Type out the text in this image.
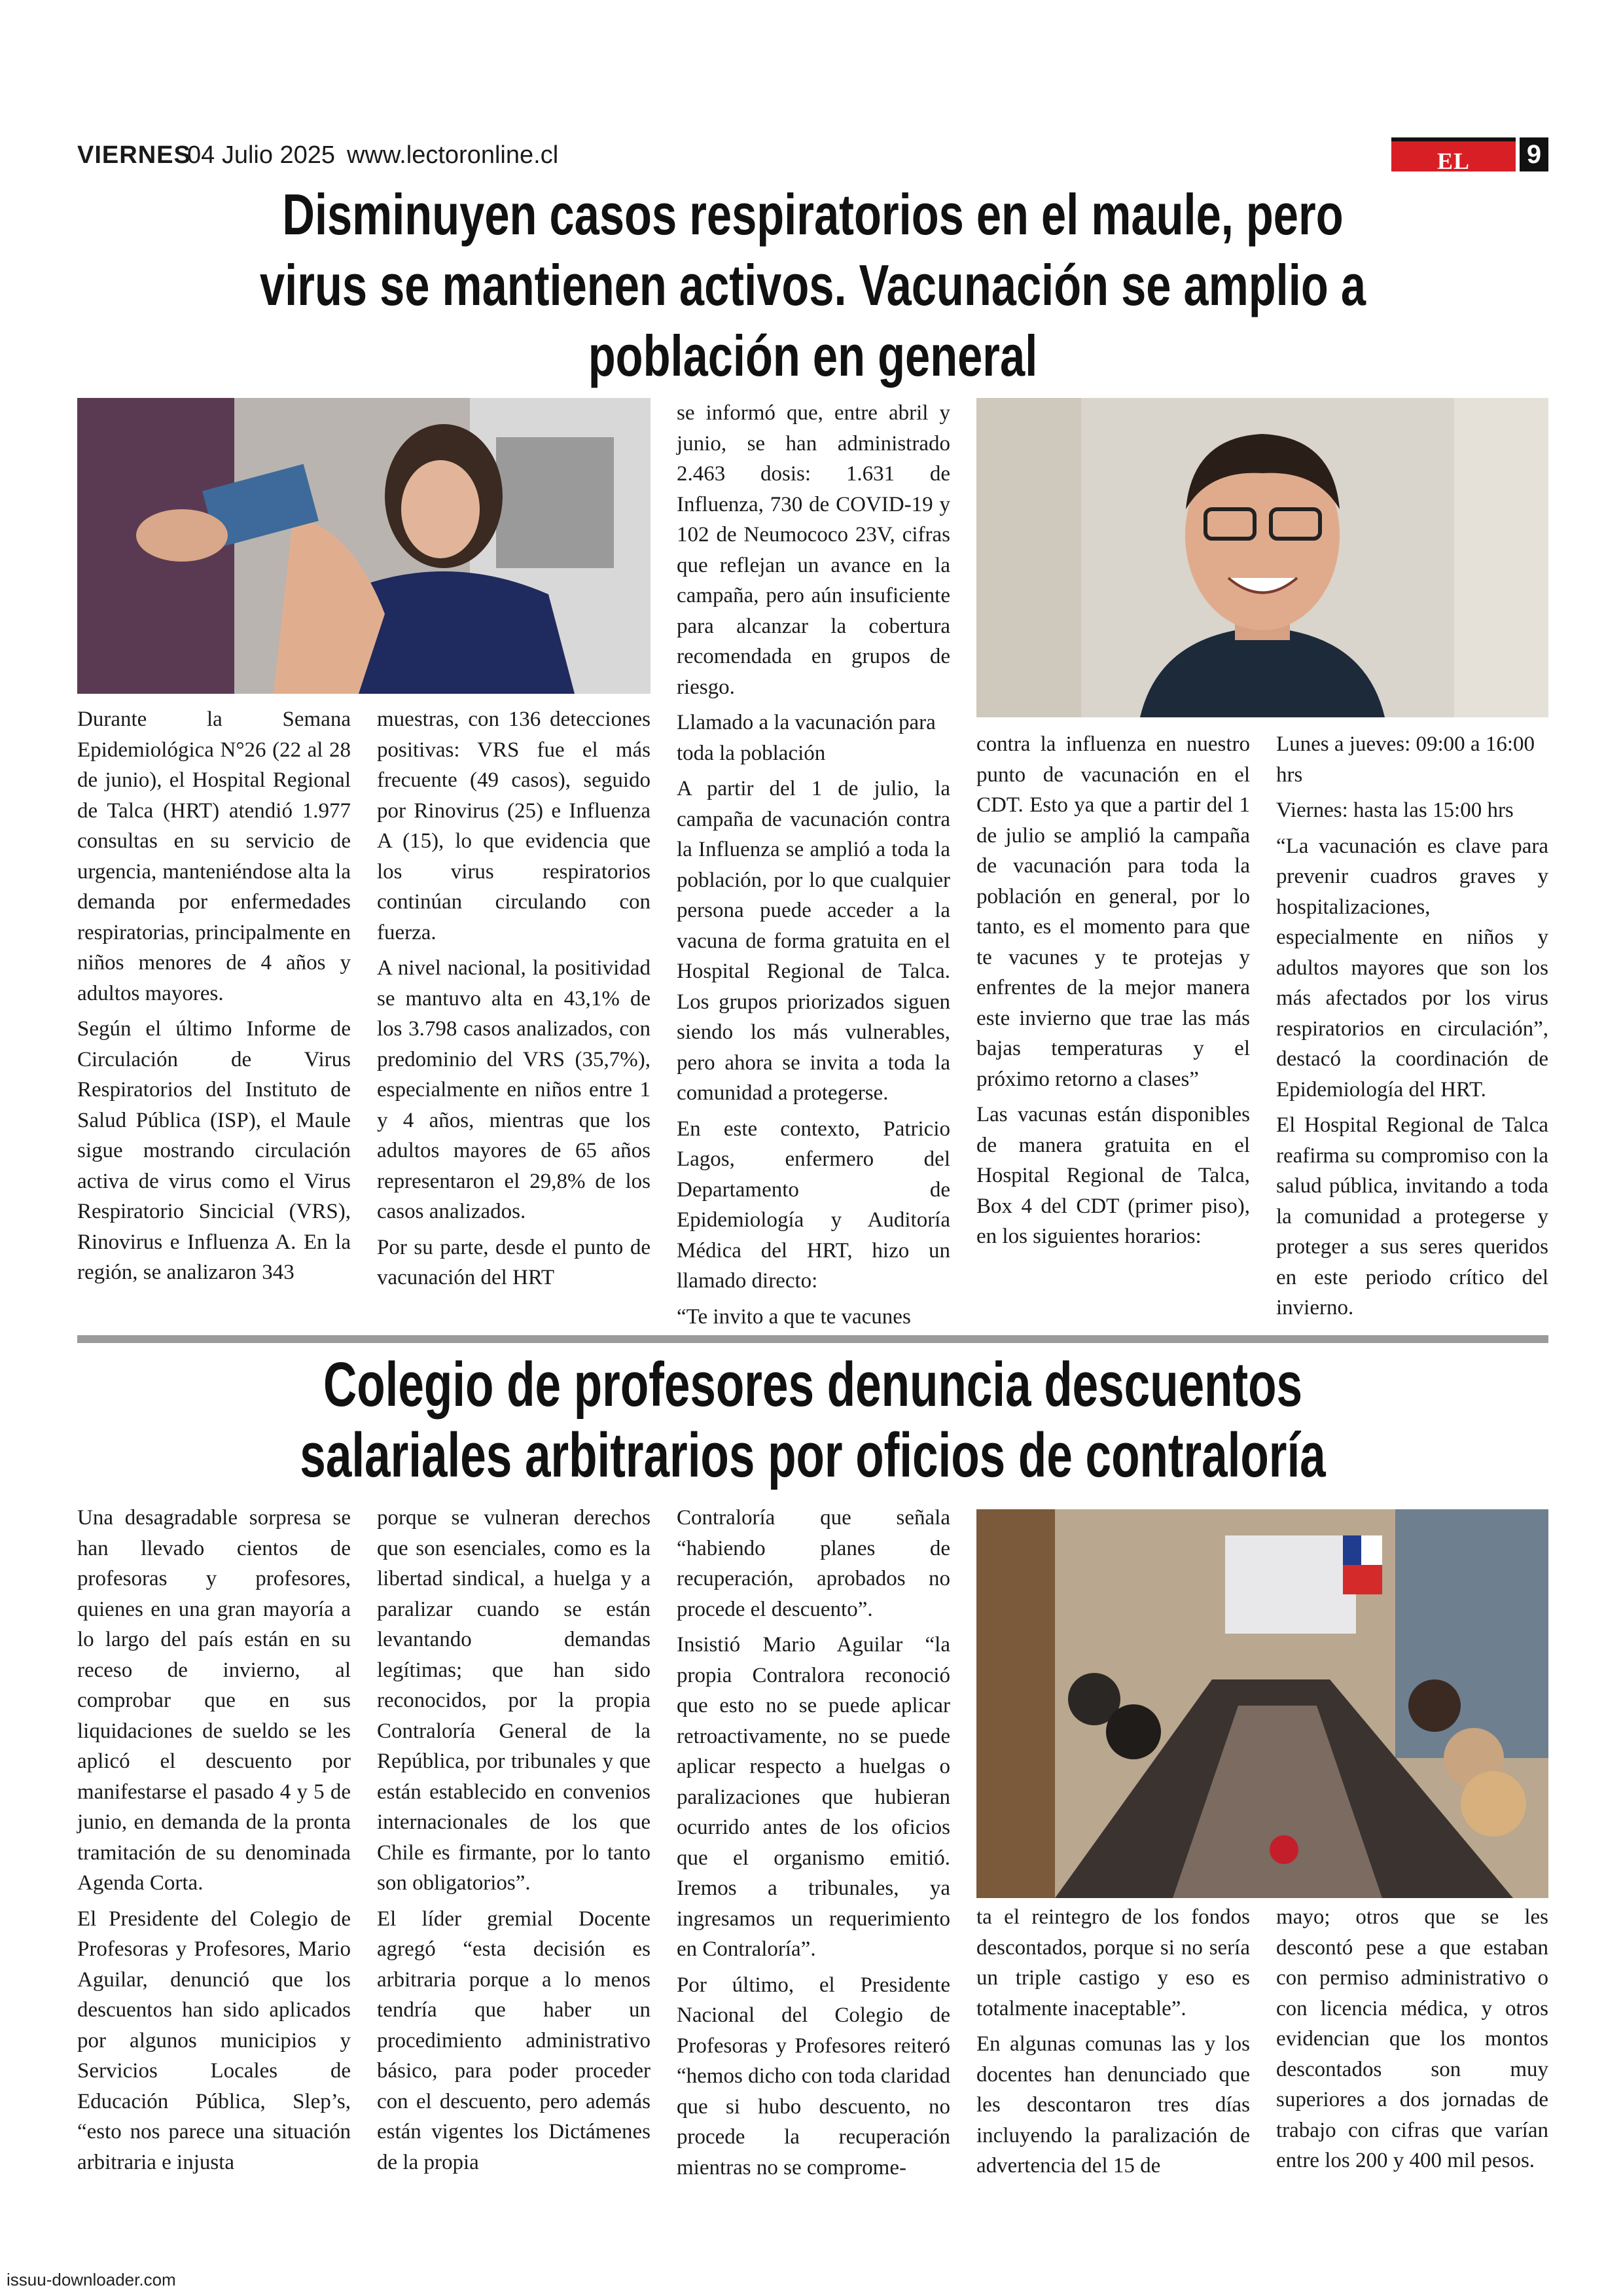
VIERNES
04 Julio 2025 www.lectoronline.cl	EL LECTOR
9
Disminuyen casos respiratorios en el maule, pero virus se mantienen activos. Vacunación se amplio a población en general

Durante la Semana Epidemiológica N°26 (22 al 28 de junio), el Hospital Regional de Talca (HRT) atendió 1.977 consultas en su servicio de urgencia, manteniéndose alta la demanda por enfermedades respiratorias, principalmente en niños menores de 4 años y adultos mayores.

Según el último Informe de Circulación de Virus Respiratorios del Instituto de Salud Pública (ISP), el Maule sigue mostrando circulación activa de virus como el Virus Respiratorio Sincicial (VRS), Rinovirus e Influenza A. En la región, se analizaron 343

muestras, con 136 detecciones positivas: VRS fue el más frecuente (49 casos), seguido por Rinovirus (25) e Influenza A (15), lo que evidencia que los virus respiratorios continúan circulando con fuerza.

A nivel nacional, la positividad se mantuvo alta en 43,1% de los 3.798 casos analizados, con predominio del VRS (35,7%), especialmente en niños entre 1 y 4 años, mientras que los adultos mayores de 65 años representaron el 29,8% de los casos analizados.

Por su parte, desde el punto de vacunación del HRT

se informó que, entre abril y junio, se han administrado 2.463 dosis: 1.631 de Influenza, 730 de COVID-19 y 102 de Neumococo 23V, cifras que reflejan un avance en la campaña, pero aún insuficiente para alcanzar la cobertura recomendada en grupos de riesgo.

Llamado a la vacunación para toda la población

A partir del 1 de julio, la campaña de vacunación contra la Influenza se amplió a toda la población, por lo que cualquier persona puede acceder a la vacuna de forma gratuita en el Hospital Regional de Talca. Los grupos priorizados siguen siendo los más vulnerables, pero ahora se invita a toda la comunidad a protegerse.

En este contexto, Patricio Lagos, enfermero del Departamento de Epidemiología y Auditoría Médica del HRT, hizo un llamado directo:

“Te invito a que te vacunes

contra la influenza en nuestro punto de vacunación en el CDT. Esto ya que a partir del 1 de julio se amplió la campaña de vacunación para toda la población en general, por lo tanto, es el momento para que te vacunes y te protejas y enfrentes de la mejor manera este invierno que trae las más bajas temperaturas y el próximo retorno a clases”

Las vacunas están disponibles de manera gratuita en el Hospital Regional de Talca, Box 4 del CDT (primer piso), en los siguientes horarios:

Lunes a jueves: 09:00 a 16:00 hrs

Viernes: hasta las 15:00 hrs

“La vacunación es clave para prevenir cuadros graves y hospitalizaciones, especialmente en niños y adultos mayores que son los más afectados por los virus respiratorios en circulación”, destacó la coordinación de Epidemiología del HRT.

El Hospital Regional de Talca reafirma su compromiso con la salud pública, invitando a toda la comunidad a protegerse y proteger a sus seres queridos en este periodo crítico del invierno.

Colegio de profesores denuncia descuentos salariales arbitrarios por oficios de contraloría

Una desagradable sorpresa se han llevado cientos de profesoras y profesores, quienes en una gran mayoría a lo largo del país están en su receso de invierno, al comprobar que en sus liquidaciones de sueldo se les aplicó el descuento por manifestarse el pasado 4 y 5 de junio, en demanda de la pronta tramitación de su denominada Agenda Corta.

El Presidente del Colegio de Profesoras y Profesores, Mario Aguilar, denunció que los descuentos han sido aplicados por algunos municipios y Servicios Locales de Educación Pública, Slep’s, “esto nos parece una situación arbitraria e injusta

porque se vulneran derechos que son esenciales, como es la libertad sindical, a huelga y a paralizar cuando se están levantando demandas legítimas; que han sido reconocidos, por la propia Contraloría General de la República, por tribunales y que están establecido en convenios internacionales de los que Chile es firmante, por lo tanto son obligatorios”.

El líder gremial Docente agregó “esta decisión es arbitraria porque a lo menos tendría que haber un procedimiento administrativo básico, para poder proceder con el descuento, pero además están vigentes los Dictámenes de la propia

Contraloría que señala “habiendo planes de recuperación, aprobados no procede el descuento”.

Insistió Mario Aguilar “la propia Contralora reconoció que esto no se puede aplicar retroactivamente, no se puede aplicar respecto a huelgas o paralizaciones que hubieran ocurrido antes de los oficios que el organismo emitió. Iremos a tribunales, ya ingresamos un requerimiento en Contraloría”.

Por último, el Presidente Nacional del Colegio de Profesoras y Profesores reiteró “hemos dicho con toda claridad que si hubo descuento, no procede la recuperación mientras no se comprome-

ta el reintegro de los fondos descontados, porque si no sería un triple castigo y eso es totalmente inaceptable”.

En algunas comunas las y los docentes han denunciado que les descontaron tres días incluyendo la paralización de advertencia del 15 de

mayo; otros que se les descontó pese a que estaban con permiso administrativo o con licencia médica, y otros evidencian que los montos descontados son muy superiores a dos jornadas de trabajo con cifras que varían entre los 200 y 400 mil pesos.

issuu-downloader.com
